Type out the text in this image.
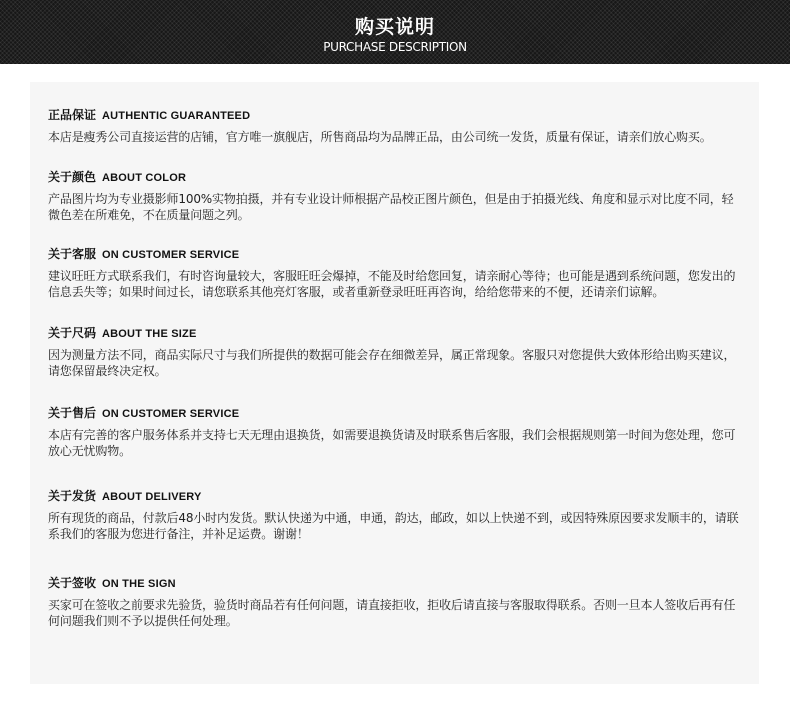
购买说明
PURCHASE DESCRIPTION
正品保证 AUTHENTIC GUARANTEED
本店是瘦秀公司直接运营的店铺，官方唯一旗舰店，所售商品均为品牌正品，由公司统一发货，质量有保证，请亲们放心购买。
关于颜色 ABOUT COLOR
产品图片均为专业摄影师100%实物拍摄，并有专业设计师根据产品校正图片颜色，但是由于拍摄光线、角度和显示对比度不同，轻微色差在所难免，不在质量问题之列。
关于客服 ON CUSTOMER SERVICE
建议旺旺方式联系我们，有时咨询量较大，客服旺旺会爆掉，不能及时给您回复，请亲耐心等待；也可能是遇到系统问题，您发出的信息丢失等；如果时间过长，请您联系其他亮灯客服，或者重新登录旺旺再咨询，给给您带来的不便，还请亲们谅解。
关于尺码 ABOUT THE SIZE
因为测量方法不同，商品实际尺寸与我们所提供的数据可能会存在细微差异，属正常现象。客服只对您提供大致体形给出购买建议，请您保留最终决定权。
关于售后 ON CUSTOMER SERVICE
本店有完善的客户服务体系并支持七天无理由退换货，如需要退换货请及时联系售后客服，我们会根据规则第一时间为您处理，您可放心无忧购物。
关于发货 ABOUT DELIVERY
所有现货的商品，付款后48小时内发货。默认快递为中通，申通，韵达，邮政，如以上快递不到，或因特殊原因要求发顺丰的，请联系我们的客服为您进行备注，并补足运费。谢谢！
关于签收 ON THE SIGN
买家可在签收之前要求先验货，验货时商品若有任何问题，请直接拒收，拒收后请直接与客服取得联系。否则一旦本人签收后再有任何问题我们则不予以提供任何处理。
